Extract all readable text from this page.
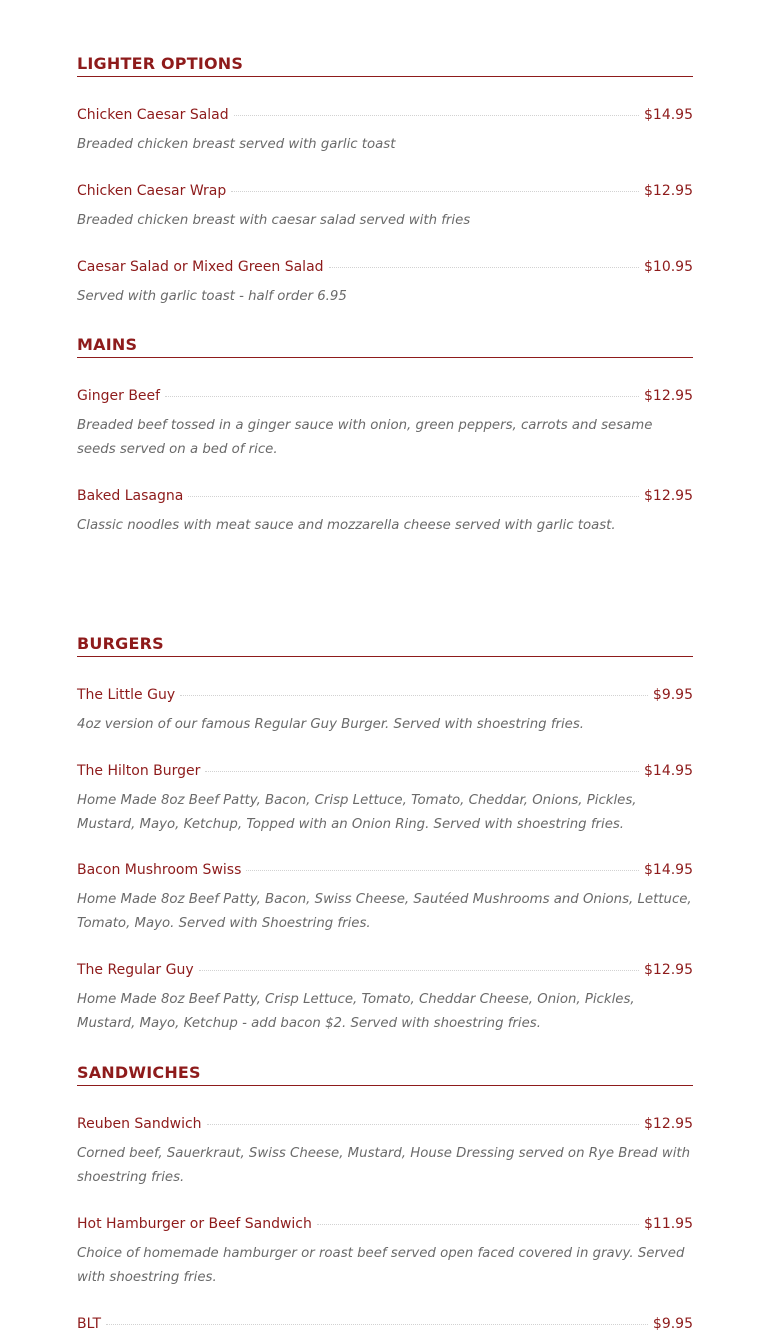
LIGHTER OPTIONS
Chicken Caesar Salad	$14.95

Breaded chicken breast served with garlic toast

Chicken Caesar Wrap	$12.95

Breaded chicken breast with caesar salad served with fries

Caesar Salad or Mixed Green Salad	$10.95

Served with garlic toast - half order 6.95

MAINS
Ginger Beef	$12.95

Breaded beef tossed in a ginger sauce with onion, green peppers, carrots and sesame seeds served on a bed of rice.

Baked Lasagna	$12.95

Classic noodles with meat sauce and mozzarella cheese served with garlic toast.

BURGERS
The Little Guy	$9.95

4oz version of our famous Regular Guy Burger. Served with shoestring fries.

The Hilton Burger	$14.95

Home Made 8oz Beef Patty, Bacon, Crisp Lettuce, Tomato, Cheddar, Onions, Pickles, Mustard, Mayo, Ketchup, Topped with an Onion Ring. Served with shoestring fries.

Bacon Mushroom Swiss	$14.95

Home Made 8oz Beef Patty, Bacon, Swiss Cheese, Sautéed Mushrooms and Onions, Lettuce, Tomato, Mayo. Served with Shoestring fries.

The Regular Guy	$12.95

Home Made 8oz Beef Patty, Crisp Lettuce, Tomato, Cheddar Cheese, Onion, Pickles, Mustard, Mayo, Ketchup - add bacon $2. Served with shoestring fries.

SANDWICHES
Reuben Sandwich	$12.95

Corned beef, Sauerkraut, Swiss Cheese, Mustard, House Dressing served on Rye Bread with shoestring fries.

Hot Hamburger or Beef Sandwich	$11.95

Choice of homemade hamburger or roast beef served open faced covered in gravy. Served with shoestring fries.

BLT	$9.95
